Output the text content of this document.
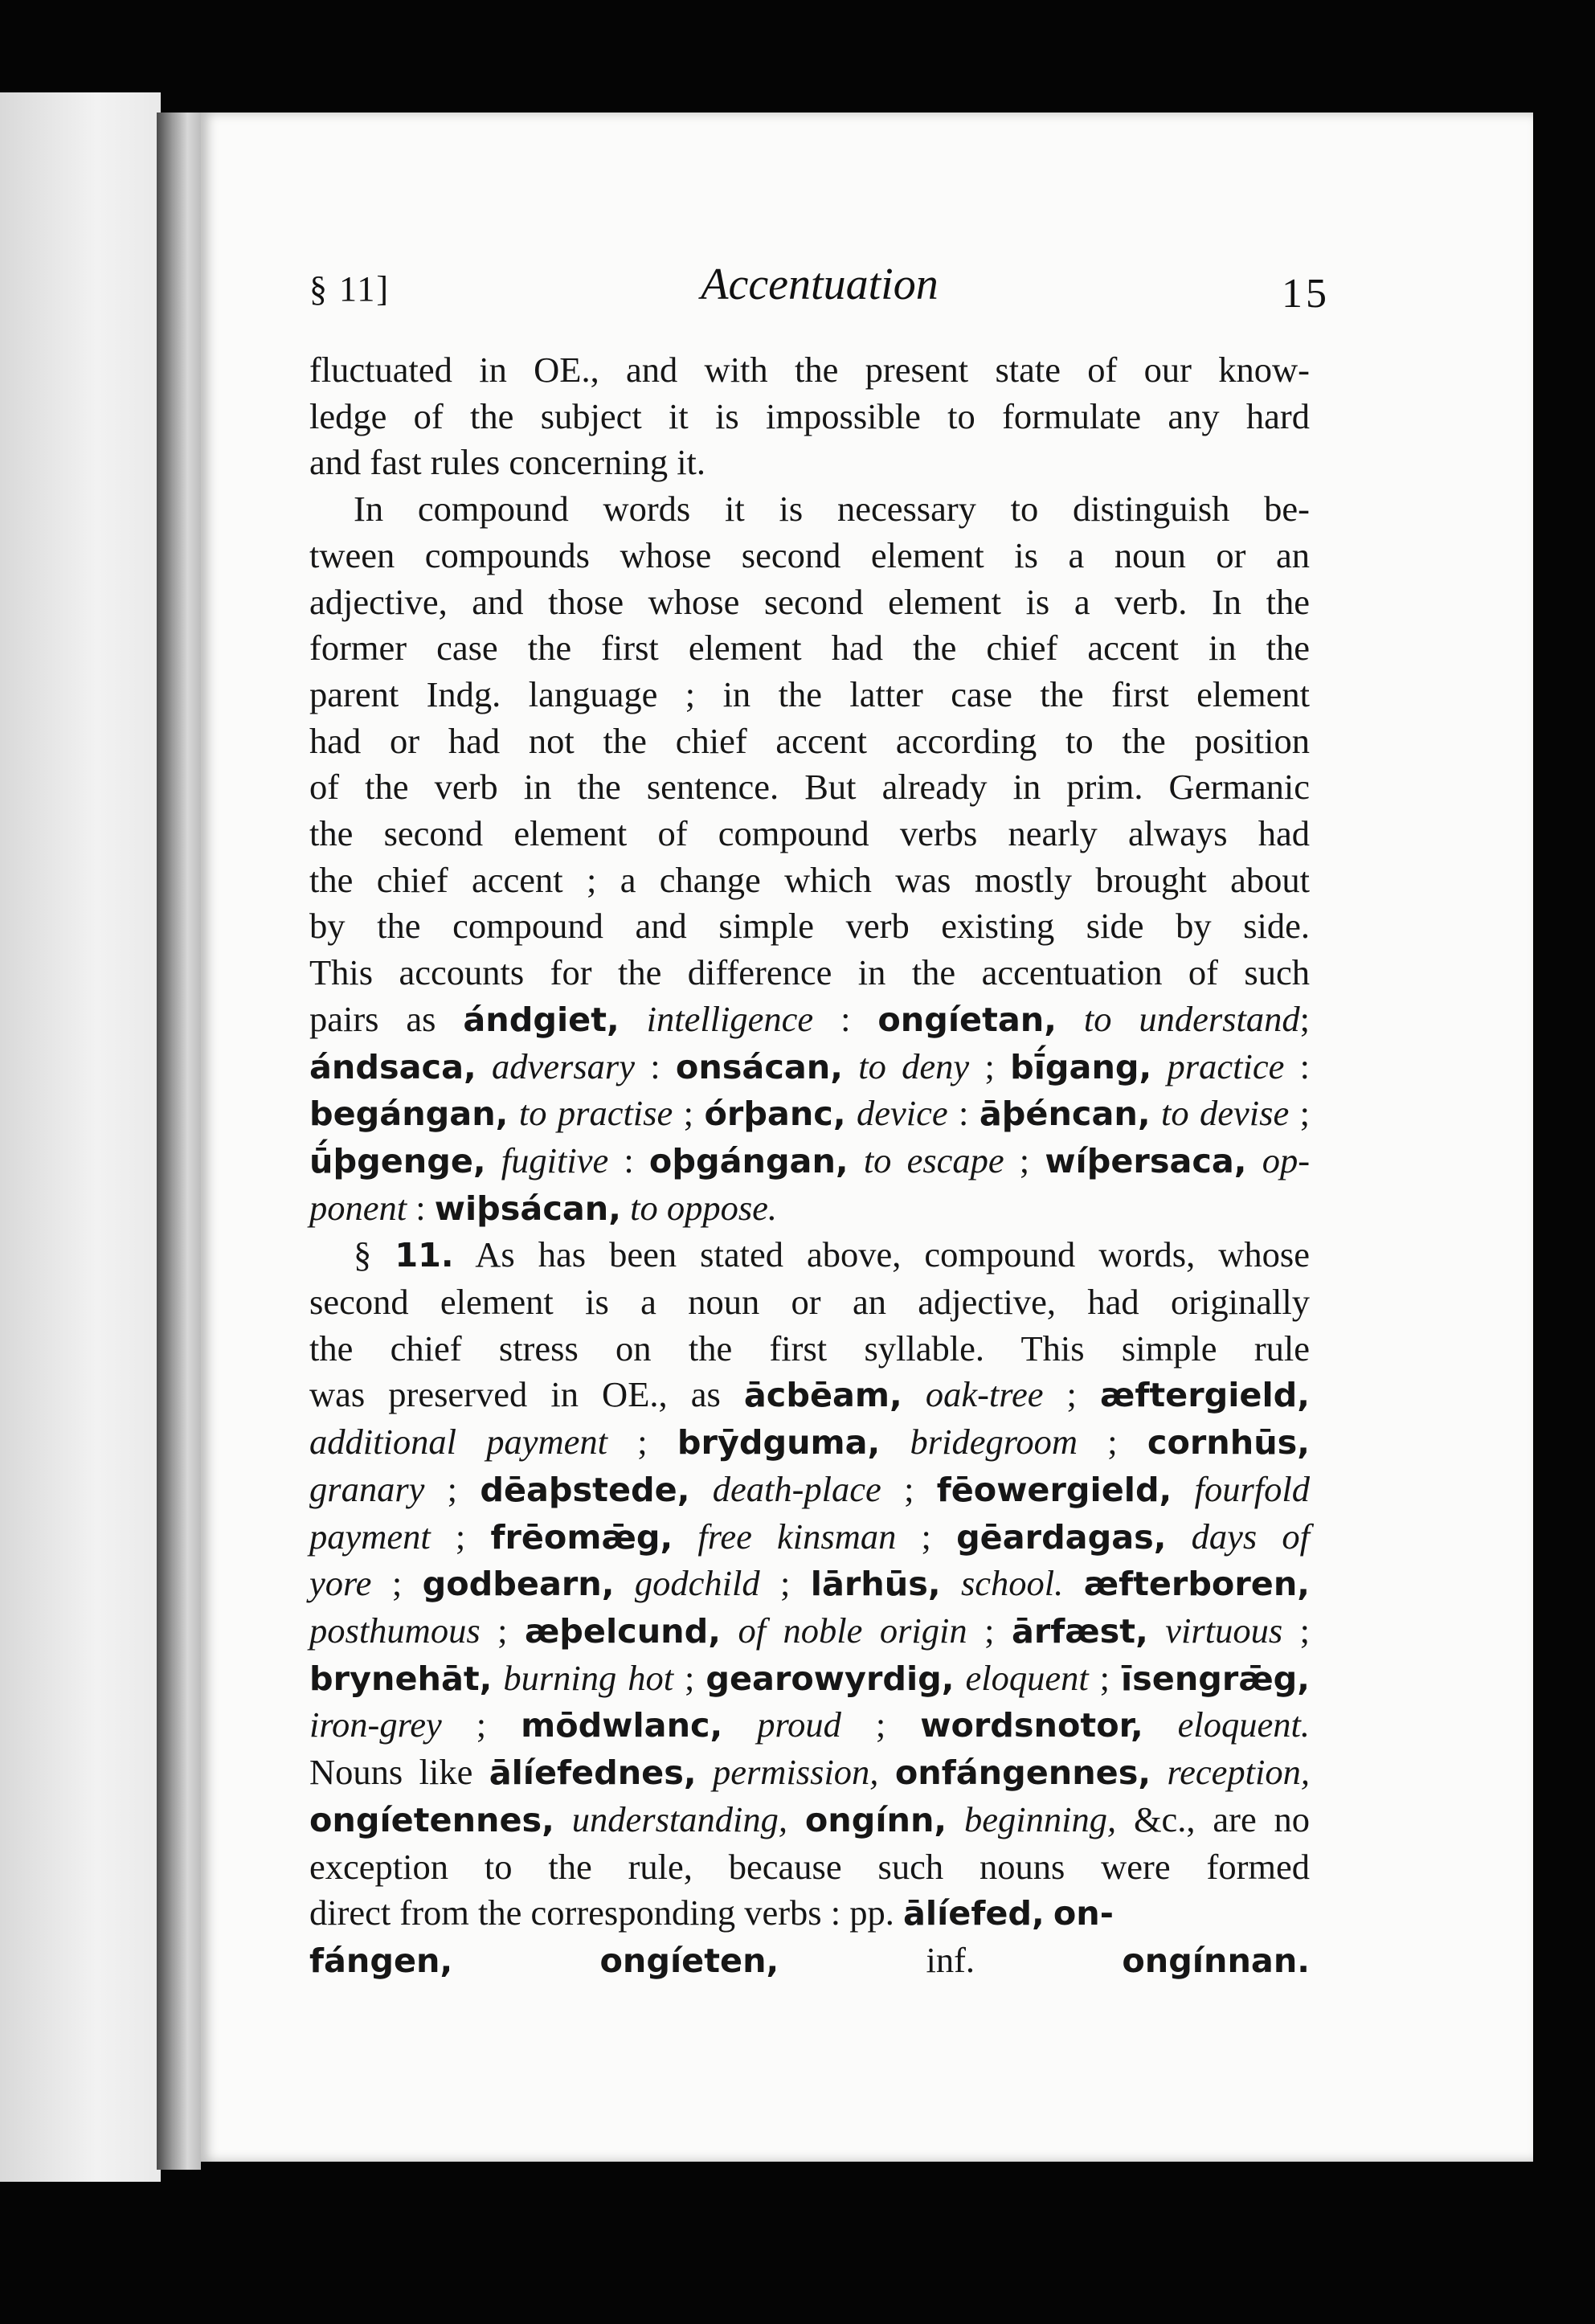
§ 11]	Accentuation	15
fluctuated in OE., and with the present state of our know-
ledge of the subject it is impossible to formulate any hard
and fast rules concerning it.
In compound words it is necessary to distinguish be-
tween compounds whose second element is a noun or an
adjective, and those whose second element is a verb. In the
former case the first element had the chief accent in the
parent Indg. language ; in the latter case the first element
had or had not the chief accent according to the position
of the verb in the sentence. But already in prim. Germanic
the second element of compound verbs nearly always had
the chief accent ; a change which was mostly brought about
by the compound and simple verb existing side by side.
This accounts for the difference in the accentuation of such
pairs as ándgiet, intelligence : ongíetan, to understand;
ándsaca, adversary : onsácan, to deny ; bī́gang, practice :
begángan, to practise ; órþanc, device : āþéncan, to devise ;
ū́þgenge, fugitive : oþgángan, to escape ; wíþersaca, op-
ponent : wiþsácan, to oppose.
§ 11. As has been stated above, compound words, whose
second element is a noun or an adjective, had originally
the chief stress on the first syllable. This simple rule
was preserved in OE., as ācbēam, oak-tree ; æftergield,
additional payment ; brȳdguma, bridegroom ; cornhūs,
granary ; dēaþstede, death-place ; fēowergield, fourfold
payment ; frēomǣg, free kinsman ; gēardagas, days of
yore ; godbearn, godchild ; lārhūs, school. æfterboren,
posthumous ; æþelcund, of noble origin ; ārfæst, virtuous ;
brynehāt, burning hot ; gearowyrdig, eloquent ; īsengrǣg,
iron-grey ; mōdwlanc, proud ; wordsnotor, eloquent.
Nouns like ālíefednes, permission, onfángennes, reception,
ongíetennes, understanding, ongínn, beginning, &c., are no
exception to the rule, because such nouns were formed
direct from the corresponding verbs : pp. ālíefed, on-
fángen,	ongíeten, inf. ongínnan.
